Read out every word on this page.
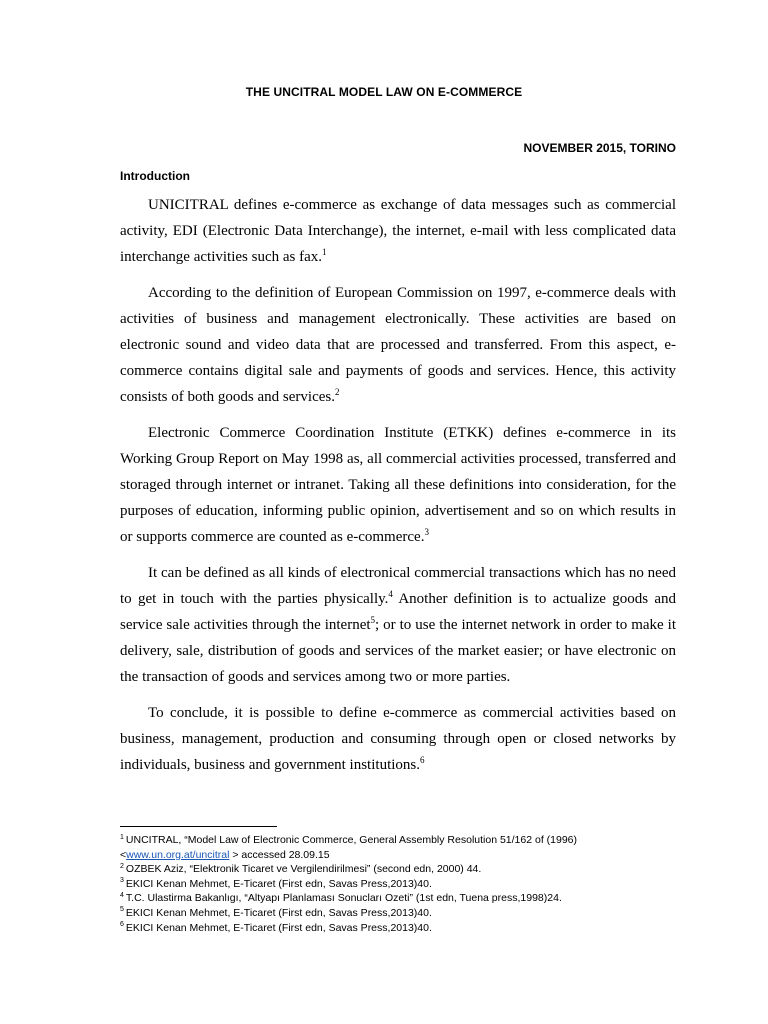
THE UNCITRAL MODEL LAW ON E-COMMERCE
NOVEMBER 2015, TORINO
Introduction

UNICITRAL defines e-commerce as exchange of data messages such as commercial activity, EDI (Electronic Data Interchange), the internet, e-mail with less complicated data interchange activities such as fax.$^1$

According to the definition of European Commission on 1997, e-commerce deals with activities of business and management electronically. These activities are based on electronic sound and video data that are processed and transferred. From this aspect, e-commerce contains digital sale and payments of goods and services. Hence, this activity consists of both goods and services.$^2$

Electronic Commerce Coordination Institute (ETKK) defines e-commerce in its Working Group Report on May 1998 as, all commercial activities processed, transferred and storaged through internet or intranet. Taking all these definitions into consideration, for the purposes of education, informing public opinion, advertisement and so on which results in or supports commerce are counted as e-commerce.$^3$

It can be defined as all kinds of electronical commercial transactions which has no need to get in touch with the parties physically.$^4$ Another definition is to actualize goods and service sale activities through the internet$^5$; or to use the internet network in order to make it delivery, sale, distribution of goods and services of the market easier; or have electronic on the transaction of goods and services among two or more parties.

To conclude, it is possible to define e-commerce as commercial activities based on business, management, production and consuming through open or closed networks by individuals, business and government institutions.$^6$

$^1$ UNCITRAL, “Model Law of Electronic Commerce, General Assembly Resolution 51/162 of (1996)

<www.un.org.at/uncitral > accessed 28.09.15

$^2$ OZBEK Aziz, “Elektronik Ticaret ve Vergilendirilmesi” (second edn, 2000) 44.

$^3$ EKICI Kenan Mehmet, E-Ticaret (First edn, Savas Press,2013)40.

$^4$ T.C. Ulastirma Bakanlıgı, “Altyapı Planlaması Sonucları Ozeti” (1st edn, Tuena press,1998)24.

$^5$ EKICI Kenan Mehmet, E-Ticaret (First edn, Savas Press,2013)40.

$^6$ EKICI Kenan Mehmet, E-Ticaret (First edn, Savas Press,2013)40.
